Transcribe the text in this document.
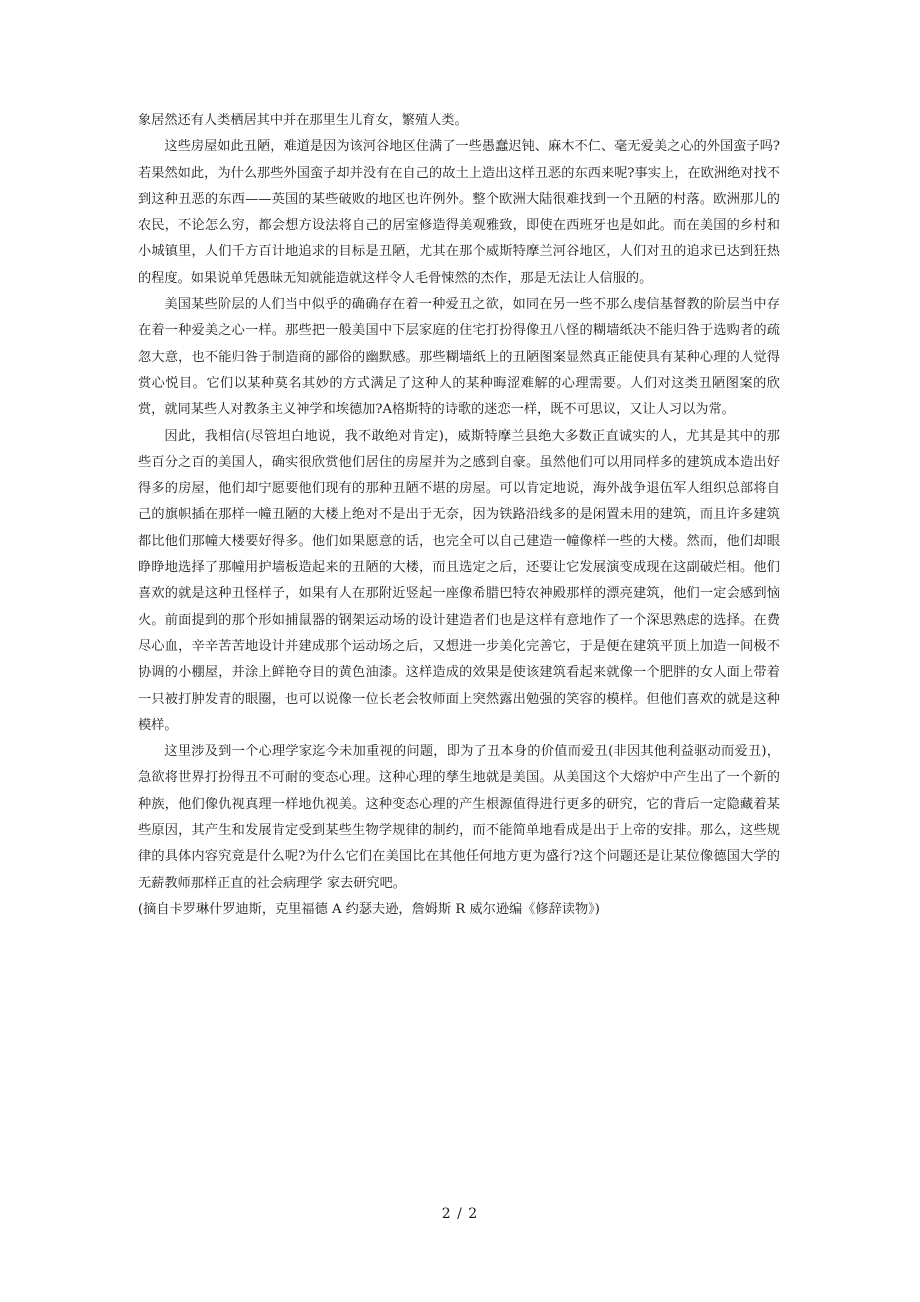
象居然还有人类栖居其中并在那里生儿育女，繁殖人类。

这些房屋如此丑陋，难道是因为该河谷地区住满了一些愚蠢迟钝、麻木不仁、毫无爱美之心的外国蛮子吗?若果然如此，为什么那些外国蛮子却并没有在自己的故土上造出这样丑恶的东西来呢?事实上，在欧洲绝对找不到这种丑恶的东西——英国的某些破败的地区也许例外。整个欧洲大陆很难找到一个丑陋的村落。欧洲那儿的农民，不论怎么穷，都会想方设法将自己的居室修造得美观雅致，即使在西班牙也是如此。而在美国的乡村和小城镇里，人们千方百计地追求的目标是丑陋，尤其在那个威斯特摩兰河谷地区，人们对丑的追求已达到狂热的程度。如果说单凭愚昧无知就能造就这样令人毛骨悚然的杰作，那是无法让人信服的。

美国某些阶层的人们当中似乎的确确存在着一种爱丑之欲，如同在另一些不那么虔信基督教的阶层当中存在着一种爱美之心一样。那些把一般美国中下层家庭的住宅打扮得像丑八怪的糊墙纸决不能归咎于选购者的疏忽大意，也不能归咎于制造商的鄙俗的幽默感。那些糊墙纸上的丑陋图案显然真正能使具有某种心理的人觉得赏心悦目。它们以某种莫名其妙的方式满足了这种人的某种晦涩难解的心理需要。人们对这类丑陋图案的欣赏，就同某些人对教条主义神学和埃德加?A格斯特的诗歌的迷恋一样，既不可思议，又让人习以为常。

因此，我相信(尽管坦白地说，我不敢绝对肯定)，威斯特摩兰县绝大多数正直诚实的人，尤其是其中的那些百分之百的美国人，确实很欣赏他们居住的房屋并为之感到自豪。虽然他们可以用同样多的建筑成本造出好得多的房屋，他们却宁愿要他们现有的那种丑陋不堪的房屋。可以肯定地说，海外战争退伍军人组织总部将自己的旗帜插在那样一幢丑陋的大楼上绝对不是出于无奈，因为铁路沿线多的是闲置未用的建筑，而且许多建筑都比他们那幢大楼要好得多。他们如果愿意的话，也完全可以自己建造一幢像样一些的大楼。然而，他们却眼睁睁地选择了那幢用护墙板造起来的丑陋的大楼，而且选定之后，还要让它发展演变成现在这副破烂相。他们喜欢的就是这种丑怪样子，如果有人在那附近竖起一座像希腊巴特农神殿那样的漂亮建筑，他们一定会感到恼火。前面提到的那个形如捕鼠器的钢架运动场的设计建造者们也是这样有意地作了一个深思熟虑的选择。在费尽心血，辛辛苦苦地设计并建成那个运动场之后，又想进一步美化完善它，于是便在建筑平顶上加造一间极不协调的小棚屋，并涂上鲜艳夺目的黄色油漆。这样造成的效果是使该建筑看起来就像一个肥胖的女人面上带着一只被打肿发青的眼圈，也可以说像一位长老会牧师面上突然露出勉强的笑容的模样。但他们喜欢的就是这种模样。

这里涉及到一个心理学家迄今未加重视的问题，即为了丑本身的价值而爱丑(非因其他利益驱动而爱丑)，急欲将世界打扮得丑不可耐的变态心理。这种心理的孳生地就是美国。从美国这个大熔炉中产生出了一个新的种族，他们像仇视真理一样地仇视美。这种变态心理的产生根源值得进行更多的研究，它的背后一定隐藏着某些原因，其产生和发展肯定受到某些生物学规律的制约，而不能简单地看成是出于上帝的安排。那么，这些规律的具体内容究竟是什么呢?为什么它们在美国比在其他任何地方更为盛行?这个问题还是让某位像德国大学的无薪教师那样正直的社会病理学 家去研究吧。

(摘自卡罗琳什罗迪斯，克里福德 A 约瑟夫逊，詹姆斯 R 威尔逊编《修辞读物》)

2 / 2
